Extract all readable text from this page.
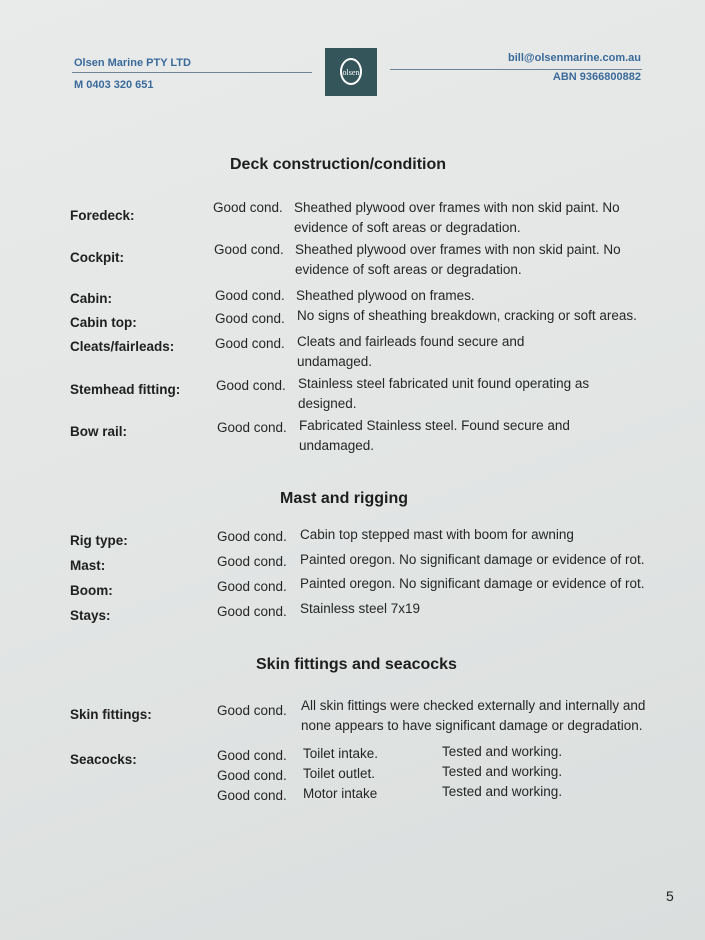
Olsen Marine PTY LTD
M 0403 320 651
olsen
bill@olsenmarine.com.au
ABN 9366800882
Deck construction/condition
Foredeck:
Good cond. Sheathed plywood over frames with non skid paint. No evidence of soft areas or degradation.
Cockpit:
Good cond. Sheathed plywood over frames with non skid paint. No evidence of soft areas or degradation.
Cabin:	Good cond. Sheathed plywood on frames.
Cabin top:	Good cond. No signs of sheathing breakdown, cracking or soft areas.
Cleats/fairleads:	Good cond. Cleats and fairleads found secure and undamaged.
Stemhead fitting:	Good cond. Stainless steel fabricated unit found operating as designed.
Bow rail:	Good cond. Fabricated Stainless steel. Found secure and undamaged.
Mast and rigging
Rig type:	Good cond. Cabin top stepped mast with boom for awning
Mast:	Good cond. Painted oregon. No significant damage or evidence of rot.
Boom:	Good cond. Painted oregon. No significant damage or evidence of rot.
Stays:	Good cond. Stainless steel 7x19
Skin fittings and seacocks
Skin fittings:	Good cond. All skin fittings were checked externally and internally and none appears to have significant damage or degradation.
Seacocks:	Good cond. Toilet intake.	Tested and working.
Good cond. Toilet outlet.	Tested and working.
Good cond. Motor intake	Tested and working.
5
